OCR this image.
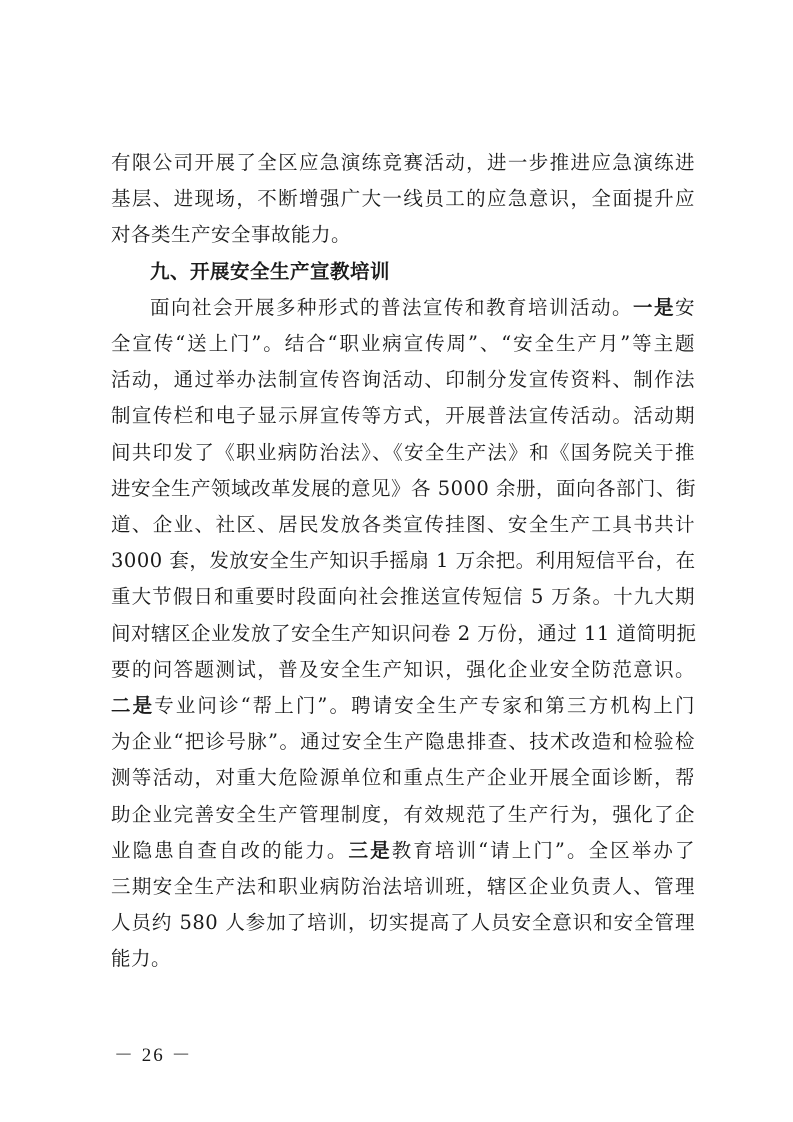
有限公司开展了全区应急演练竞赛活动，进一步推进应急演练进
基层、进现场，不断增强广大一线员工的应急意识，全面提升应
对各类生产安全事故能力。
九、开展安全生产宣教培训
面向社会开展多种形式的普法宣传和教育培训活动。一是安
全宣传“送上门”。结合“职业病宣传周”、“安全生产月”等主题
活动，通过举办法制宣传咨询活动、印制分发宣传资料、制作法
制宣传栏和电子显示屏宣传等方式，开展普法宣传活动。活动期
间共印发了《职业病防治法》、《安全生产法》和《国务院关于推
进安全生产领域改革发展的意见》各 5000 余册，面向各部门、街
道、企业、社区、居民发放各类宣传挂图、安全生产工具书共计
3000 套，发放安全生产知识手摇扇 1 万余把。利用短信平台，在
重大节假日和重要时段面向社会推送宣传短信 5 万条。十九大期
间对辖区企业发放了安全生产知识问卷 2 万份，通过 11 道简明扼
要的问答题测试，普及安全生产知识，强化企业安全防范意识。
二是专业问诊“帮上门”。聘请安全生产专家和第三方机构上门
为企业“把诊号脉”。通过安全生产隐患排查、技术改造和检验检
测等活动，对重大危险源单位和重点生产企业开展全面诊断，帮
助企业完善安全生产管理制度，有效规范了生产行为，强化了企
业隐患自查自改的能力。三是教育培训“请上门”。全区举办了
三期安全生产法和职业病防治法培训班，辖区企业负责人、管理
人员约 580 人参加了培训，切实提高了人员安全意识和安全管理
能力。
－ 26 －
